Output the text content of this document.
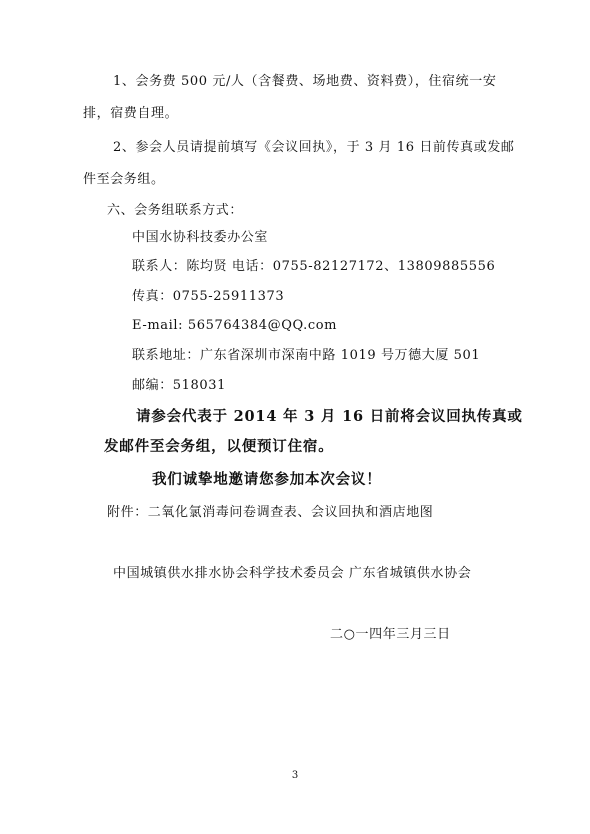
1、会务费 500 元/人（含餐费、场地费、资料费），住宿统一安
排，宿费自理。
2、参会人员请提前填写《会议回执》，于 3 月 16 日前传真或发邮
件至会务组。
六、会务组联系方式：
中国水协科技委办公室
联系人：陈均贤 电话：0755-82127172、13809885556
传真：0755-25911373
E-mail: 565764384@QQ.com
联系地址：广东省深圳市深南中路 1019 号万德大厦 501
邮编：518031
请参会代表于 2014 年 3 月 16 日前将会议回执传真或
发邮件至会务组，以便预订住宿。
我们诚挚地邀请您参加本次会议！
附件：二氧化氯消毒问卷调查表、会议回执和酒店地图
中国城镇供水排水协会科学技术委员会 广东省城镇供水协会
二○一四年三月三日
3
